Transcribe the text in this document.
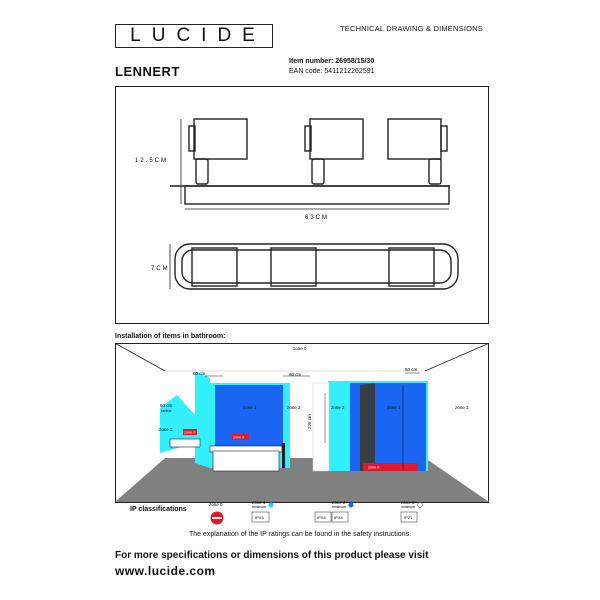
LUCIDE	TECHNICAL DRAWING & DIMENSIONS
LENNERT
Item number: 26958/15/30
EAN code: 5411212262591
12.5CM
63CM
7CM
Installation of items in bathroom:
zone 0
60 cm	60 cm
60 cm
60 cm
radius
225 cm
zone 1	zone 2	zone 1
zone 2	zone 3
zone 2
zone 0
zone 0
zone 0
IP classifications
zone 0	zone 1
minimum
IPX5
zone 2
minimum
IPX4 IPX4
zone 3
minimum
IP21
The explanation of the IP ratings can be found in the safety instructions.
For more specifications or dimensions of this product please visit
www.lucide.com
